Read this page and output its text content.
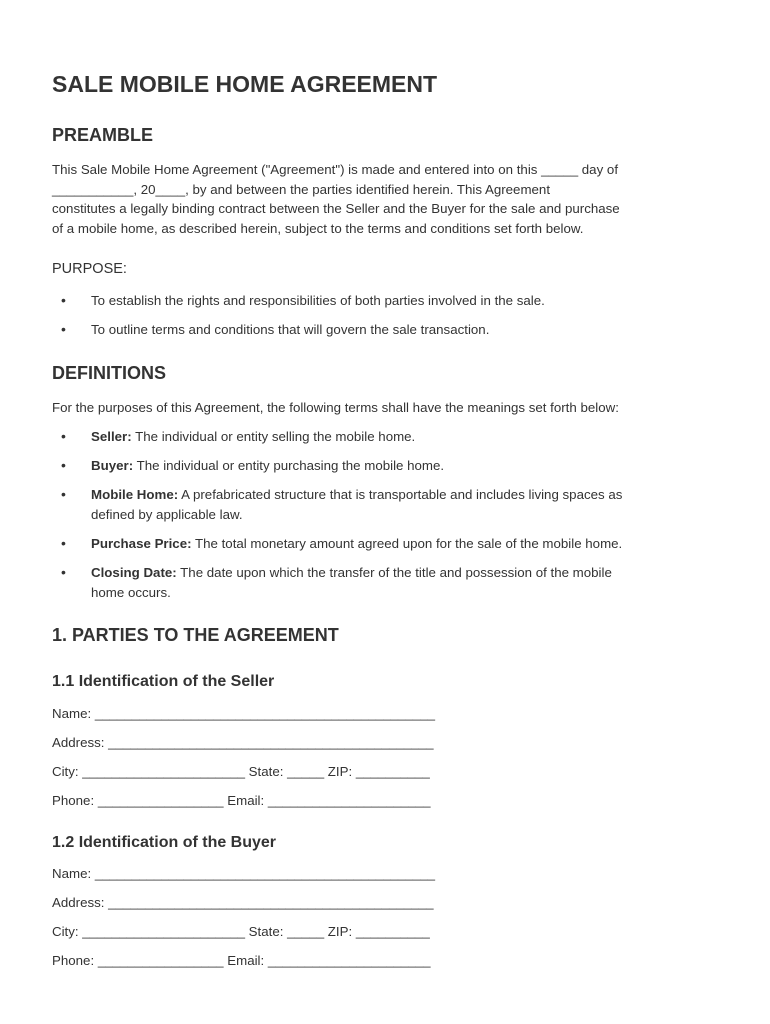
SALE MOBILE HOME AGREEMENT
PREAMBLE
This Sale Mobile Home Agreement ("Agreement") is made and entered into on this _____ day of
___________, 20____, by and between the parties identified herein. This Agreement
constitutes a legally binding contract between the Seller and the Buyer for the sale and purchase
of a mobile home, as described herein, subject to the terms and conditions set forth below.
PURPOSE:
• To establish the rights and responsibilities of both parties involved in the sale.
• To outline terms and conditions that will govern the sale transaction.
DEFINITIONS
For the purposes of this Agreement, the following terms shall have the meanings set forth below:
• Seller: The individual or entity selling the mobile home.
• Buyer: The individual or entity purchasing the mobile home.
• Mobile Home: A prefabricated structure that is transportable and includes living spaces as
defined by applicable law.
• Purchase Price: The total monetary amount agreed upon for the sale of the mobile home.
• Closing Date: The date upon which the transfer of the title and possession of the mobile
home occurs.
1. PARTIES TO THE AGREEMENT
1.1 Identification of the Seller
Name: ______________________________________________
Address: ____________________________________________
City: ______________________ State: _____ ZIP: __________
Phone: _________________ Email: ______________________
1.2 Identification of the Buyer
Name: ______________________________________________
Address: ____________________________________________
City: ______________________ State: _____ ZIP: __________
Phone: _________________ Email: ______________________
